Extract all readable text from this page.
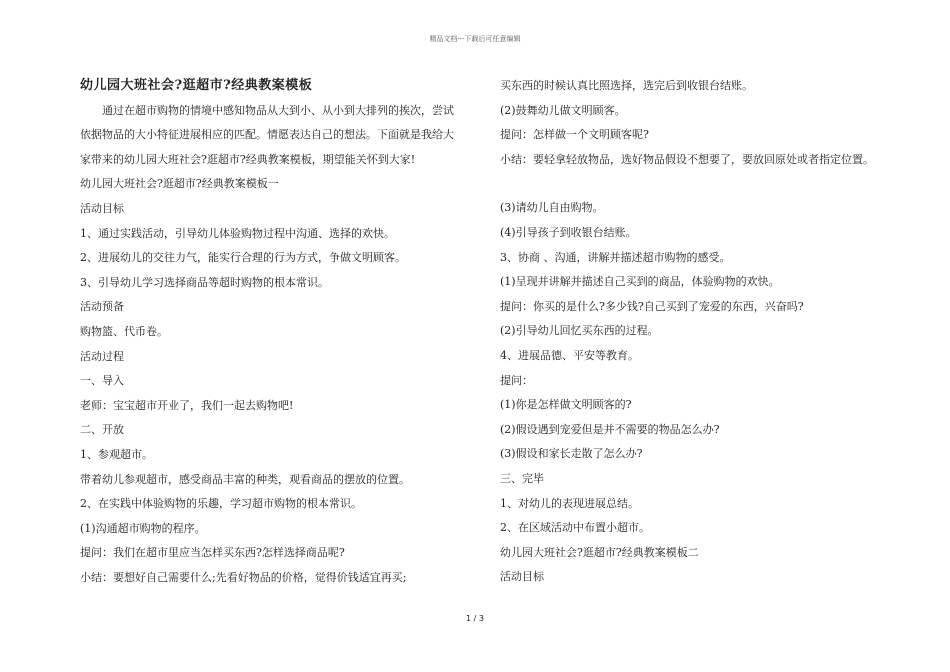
精品文档---下载后可任意编辑
幼儿园大班社会?逛超市?经典教案模板

通过在超市购物的情境中感知物品从大到小、从小到大排列的挨次，尝试依据物品的大小特征进展相应的匹配。情愿表达自己的想法。下面就是我给大家带来的幼儿园大班社会?逛超市?经典教案模板，期望能关怀到大家!

幼儿园大班社会?逛超市?经典教案模板一

活动目标

1、通过实践活动，引导幼儿体验购物过程中沟通、选择的欢快。

2、进展幼儿的交往力气，能实行合理的行为方式，争做文明顾客。

3、引导幼儿学习选择商品等超时购物的根本常识。

活动预备

购物篮、代币卷。

活动过程

一、导入

老师：宝宝超市开业了，我们一起去购物吧!

二、开放

1、参观超市。

带着幼儿参观超市，感受商品丰富的种类，观看商品的摆放的位置。

2、在实践中体验购物的乐趣，学习超市购物的根本常识。

(1)沟通超市购物的程序。

提问：我们在超市里应当怎样买东西?怎样选择商品呢?

小结：要想好自己需要什么;先看好物品的价格，觉得价钱适宜再买;

买东西的时候认真比照选择，选完后到收银台结账。

(2)鼓舞幼儿做文明顾客。

提问：怎样做一个文明顾客呢?

小结：要轻拿轻放物品，选好物品假设不想要了，要放回原处或者指定位置。

(3)请幼儿自由购物。

(4)引导孩子到收银台结账。

3、协商 、沟通，讲解并描述超市购物的感受。

(1)呈现并讲解并描述自己买到的商品，体验购物的欢快。

提问：你买的是什么?多少钱?自己买到了宠爱的东西，兴奋吗?

(2)引导幼儿回忆买东西的过程。

4、进展品德、平安等教育。

提问：

(1)你是怎样做文明顾客的?

(2)假设遇到宠爱但是并不需要的物品怎么办?

(3)假设和家长走散了怎么办?

三、完毕

1、对幼儿的表现进展总结。

2、在区域活动中布置小超市。

幼儿园大班社会?逛超市?经典教案模板二

活动目标

1 / 3
